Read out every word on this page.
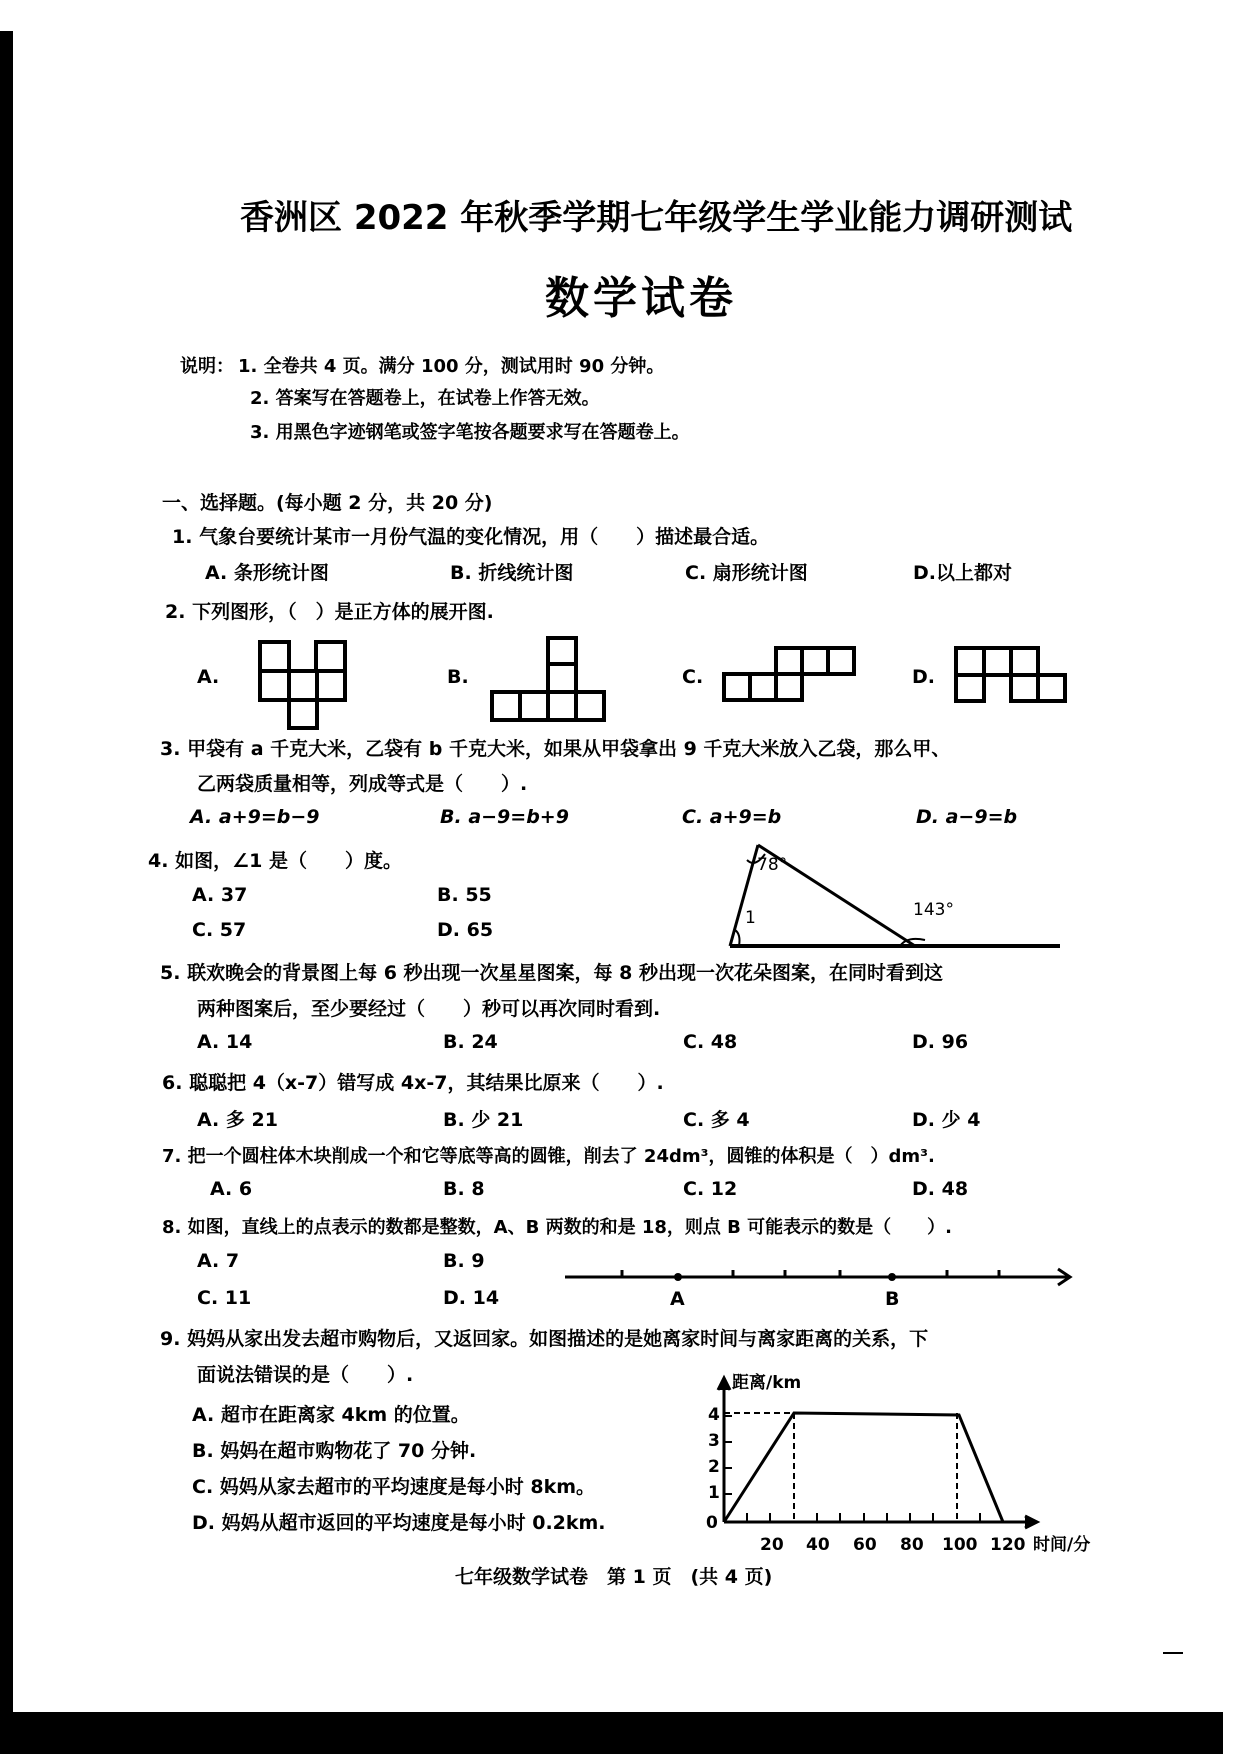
香洲区 2022 年秋季学期七年级学生学业能力调研测试
数学试卷
说明： 1. 全卷共 4 页。满分 100 分，测试用时 90 分钟。
2. 答案写在答题卷上，在试卷上作答无效。
3. 用黑色字迹钢笔或签字笔按各题要求写在答题卷上。
一、选择题。(每小题 2 分，共 20 分)
1. 气象台要统计某市一月份气温的变化情况，用（　　）描述最合适。
A. 条形统计图	B. 折线统计图	C. 扇形统计图	D.以上都对
2. 下列图形，（　）是正方体的展开图.
A.	B.	C.	D.
3. 甲袋有 a 千克大米，乙袋有 b 千克大米，如果从甲袋拿出 9 千克大米放入乙袋，那么甲、
乙两袋质量相等，列成等式是（　　）.
A. a+9=b−9	B. a−9=b+9	C. a+9=b	D. a−9=b
4. 如图，∠1 是（　　）度。
A. 37	B. 55
C. 57	D. 65
78°
1	143°
5. 联欢晚会的背景图上每 6 秒出现一次星星图案，每 8 秒出现一次花朵图案，在同时看到这
两种图案后，至少要经过（　　）秒可以再次同时看到.
A. 14	B. 24	C. 48	D. 96
6. 聪聪把 4（x-7）错写成 4x-7，其结果比原来（　　）.
A. 多 21	B. 少 21	C. 多 4	D. 少 4
7. 把一个圆柱体木块削成一个和它等底等高的圆锥，削去了 24dm³，圆锥的体积是（　）dm³.
A. 6	B. 8	C. 12	D. 48
8. 如图，直线上的点表示的数都是整数，A、B 两数的和是 18，则点 B 可能表示的数是（　　）.
A. 7	B. 9
C. 11	D. 14	A	B
9. 妈妈从家出发去超市购物后，又返回家。如图描述的是她离家时间与离家距离的关系，下
面说法错误的是（　　）.
A. 超市在距离家 4km 的位置。
B. 妈妈在超市购物花了 70 分钟.
C. 妈妈从家去超市的平均速度是每小时 8km。
D. 妈妈从超市返回的平均速度是每小时 0.2km.
4
3
2
1
0
20 40 60 80 100 120 时间/分
距离/km
七年级数学试卷　第 1 页　(共 4 页)
